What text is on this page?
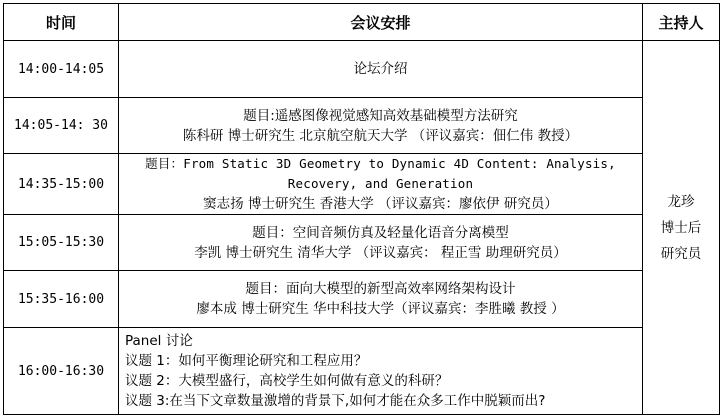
时间	会议安排	主持人
14:00-14:05	论坛介绍	龙珍
博士后
研究员

14:05-14: 30	题目:遥感图像视觉感知高效基础模型方法研究
陈科研 博士研究生 北京航空航天大学 （评议嘉宾：佃仁伟 教授）	

14:35-15:00	题目：From Static 3D Geometry to Dynamic 4D Content: Analysis,
Recovery, and Generation
窦志扬 博士研究生 香港大学 （评议嘉宾：廖依伊 研究员）	

15:05-15:30	题目：空间音频仿真及轻量化语音分离模型
李凯 博士研究生 清华大学 （评议嘉宾： 程正雪 助理研究员）	

15:35-16:00	题目：面向大模型的新型高效率网络架构设计
廖本成 博士研究生 华中科技大学（评议嘉宾：李胜曦 教授 ）	

16:00-16:30	Panel 讨论
议题 1：如何平衡理论研究和工程应用？
议题 2：大模型盛行，高校学生如何做有意义的科研？
议题 3:在当下文章数量激增的背景下,如何才能在众多工作中脱颖而出?	
